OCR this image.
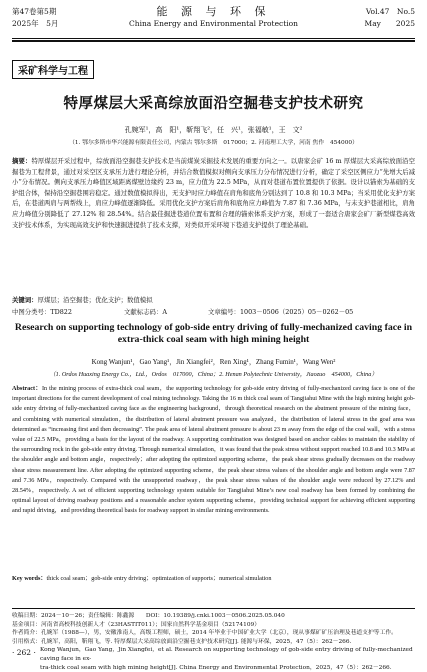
第47卷第5期
2025年　5月
能 源 与 环 保
China Energy and Environmental Protection
Vol.47　No.5
May　　2025
采矿科学与工程
特厚煤层大采高综放面沿空掘巷支护技术研究
孔婉军¹，高　阳¹，靳翔飞²，任　兴¹，张福敏¹，王　文²
（1. 鄂尔多斯市华兴能源有限责任公司，内蒙古 鄂尔多斯　017000；2. 河南理工大学，河南 焦作　454000）
摘要：特厚煤层开采过程中，综放面沿空掘巷支护技术是当前煤炭采掘技术发展的重要方向之一。以唐家会矿 16 m 厚煤层大采高综放面沿空掘巷为工程背景，通过对采空区支承压力进行理论分析，并结合数值模拟对侧向支承压力分布情况进行分析，确定了采空区侧应力“先增大后减小”分布情况。侧向支承压力峰值区域距离煤壁边缘约 23 m，应力值为 22.5 MPa，从而对巷道布置位置提供了依据。设计以锚索为基础的支护组合体，保持沿空掘巷围岩稳定。通过数值模拟得出，无支护时应力峰值在肩角和底角分别达到了 10.8 和 10.3 MPa；当采用优化支护方案后，在巷道两肩与两帮线上，肩应力峰值逐渐降低。采用优化支护方案后肩角和底角应力峰值为 7.87 和 7.36 MPa，与未支护巷道相比，肩角应力峰值分别降低了 27.12% 和 28.54%。结合最佳掘进巷道位置布置和合理的锚索体系支护方案，形成了一套适合唐家会矿厂新型煤巷高效支护技术体系，为实现高效支护和快速掘进提供了技术支撑，对类似开采环境下巷道支护提供了理论基础。
关键词：厚煤层；沿空掘巷；优化支护；数值模拟
中图分类号：TD822	文献标志码：A	文章编号：1003－0506（2025）05－0262－05
Research on supporting technology of gob-side entry driving of fully-mechanized caving face in extra-thick coal seam with high mining height
Kong Wanjun¹，Gao Yang¹，Jin Xiangfei²，Ren Xing¹，Zhang Fumin¹，Wang Wen²
（1. Ordos Huaxing Energy Co.，Ltd.，Ordos　017000，China；2. Henan Polytechnic University，Jiaozuo　454000，China）
Abstract：In the mining process of extra-thick coal seam，the supporting technology for gob-side entry driving of fully-mechanized caving face is one of the important directions for the current development of coal mining technology. Taking the 16 m thick coal seam of Tangjiahui Mine with the high mining height gob-side entry driving of fully-mechanized caving face as the engineering background，through theoretical research on the abutment pressure of the mining face，and combining with numerical simulation，the distribution of lateral abutment pressure was analyzed，the distribution of lateral stress in the goaf area was determined as “increasing first and then decreasing”. The peak area of lateral abutment pressure is about 23 m away from the edge of the coal wall，with a stress value of 22.5 MPa，providing a basis for the layout of the roadway. A supporting combination was designed based on anchor cables to maintain the stability of the surrounding rock in the gob-side entry driving. Through numerical simulation，it was found that the peak stress without support reached 10.8 and 10.3 MPa at the shoulder angle and bottom angle，respectively；after adopting the optimized supporting scheme，the peak shear stress gradually decreases on the roadway shear stress measurement line. After adopting the optimized supporting scheme，the peak shear stress values of the shoulder angle and bottom angle were 7.87 and 7.36 MPa，respectively. Compared with the unsupported roadway，the peak shear stress values of the shoulder angle were reduced by 27.12% and 28.54%，respectively. A set of efficient supporting technology system suitable for Tangjiahui Mine’s new coal roadway has been formed by combining the optimal layout of driving roadway positions and a reasonable anchor system supporting scheme，providing technical support for achieving efficient supporting and rapid driving，and providing theoretical basis for roadway support in similar mining environments.
Key words：thick coal seam；gob-side entry driving；optimization of supports；numerical simulation
收稿日期：2024－10－26；责任编辑：陈鑫源　　DOI：10.19389/j.cnki.1003－0506.2025.05.040
基金项目：河南省高校科技创新人才（23HASTIT011）；国家自然科学基金项目（52174109）
作者简介：孔婉军（1988—），男，安徽淮南人，高级工程师，硕士，2014 年毕业于中国矿业大学（北京），现从事煤矿矿压治理及巷道支护等工作。
引用格式：孔婉军，高阳，靳翔飞，等. 特厚煤层大采高综放面沿空掘巷支护技术研究[J]. 能源与环保，2025，47（5）：262－266.
Kong Wanjun，Gao Yang，Jin Xiangfei，et al. Research on supporting technology of gob-side entry driving of fully-mechanized caving face in ex-
tra-thick coal seam with high mining height[J]. China Energy and Environmental Protection，2025，47（5）：262－266.
· 262 ·
